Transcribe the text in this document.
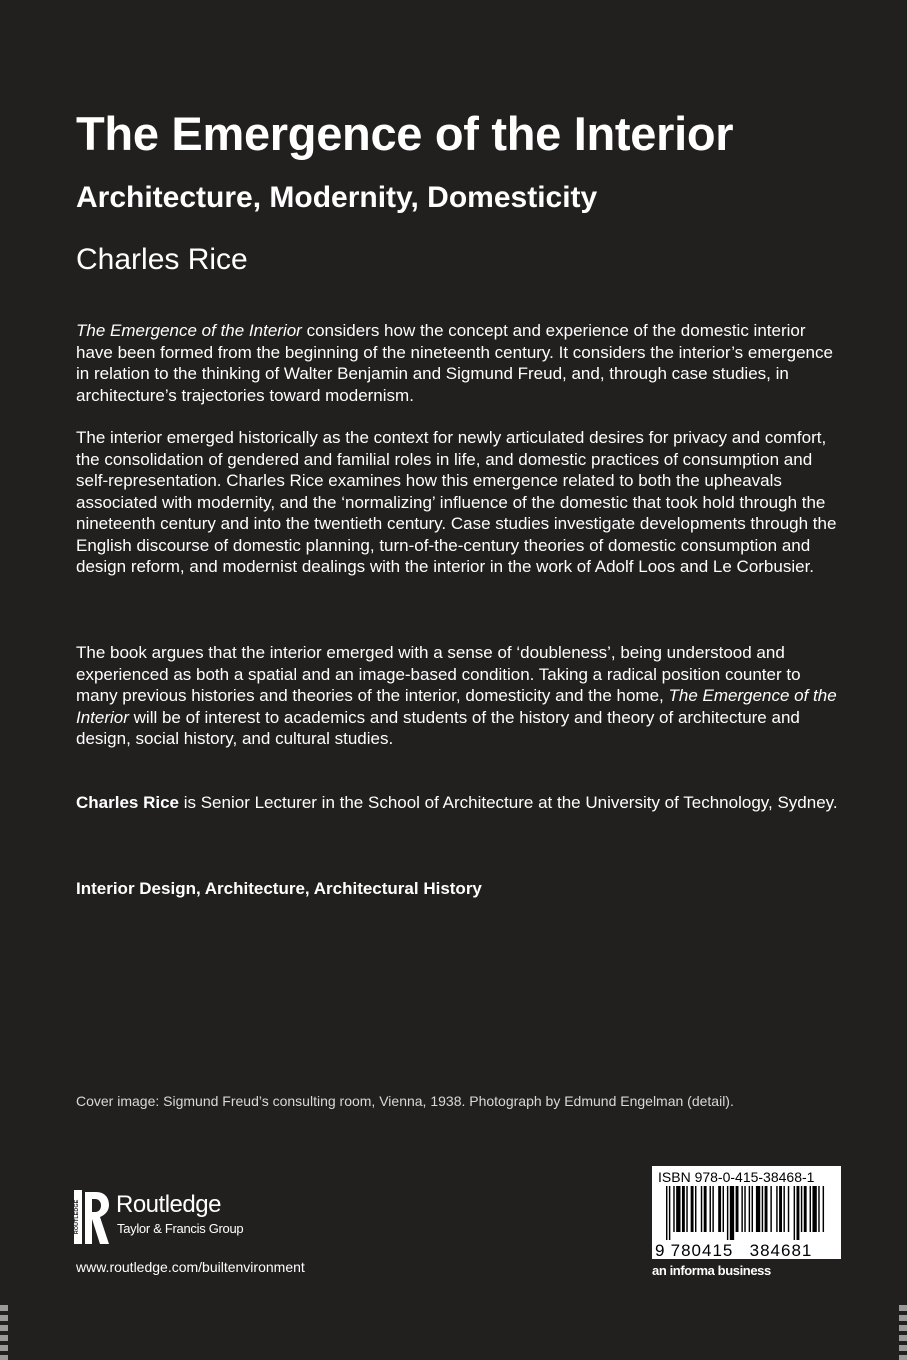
The Emergence of the Interior
Architecture, Modernity, Domesticity
Charles Rice

The Emergence of the Interior considers how the concept and experience of the domestic interior have been formed from the beginning of the nineteenth century. It considers the interior’s emergence in relation to the thinking of Walter Benjamin and Sigmund Freud, and, through case studies, in architecture’s trajectories toward modernism.

The interior emerged historically as the context for newly articulated desires for privacy and comfort, the consolidation of gendered and familial roles in life, and domestic practices of consumption and self-representation. Charles Rice examines how this emergence related to both the upheavals associated with modernity, and the ‘normalizing’ influence of the domestic that took hold through the nineteenth century and into the twentieth century. Case studies investigate developments through the English discourse of domestic planning, turn-of-the-century theories of domestic consumption and design reform, and modernist dealings with the interior in the work of Adolf Loos and Le Corbusier.

The book argues that the interior emerged with a sense of ‘doubleness’, being understood and experienced as both a spatial and an image-based condition. Taking a radical position counter to many previous histories and theories of the interior, domesticity and the home, The Emergence of the Interior will be of interest to academics and students of the history and theory of architecture and design, social history, and cultural studies.

Charles Rice is Senior Lecturer in the School of Architecture at the University of Technology, Sydney.

Interior Design, Architecture, Architectural History

Cover image: Sigmund Freud’s consulting room, Vienna, 1938. Photograph by Edmund Engelman (detail).

ROUTLEDGE Routledge
Taylor & Francis Group

www.routledge.com/builtenvironment

ISBN 978-0-415-38468-1
9 780415 384681

an informa business
